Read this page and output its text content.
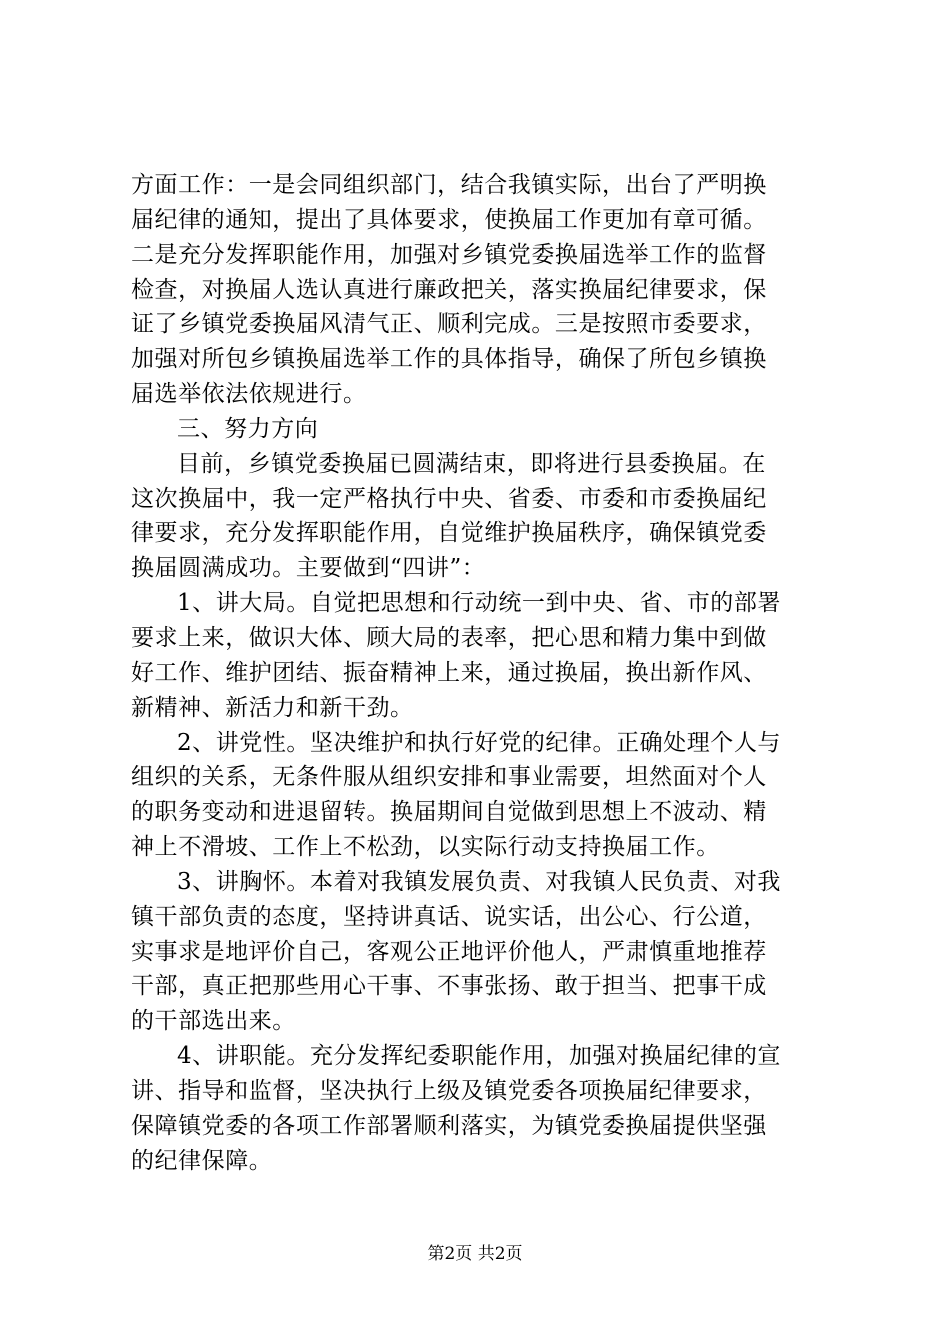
方面工作：一是会同组织部门，结合我镇实际，出台了严明换
届纪律的通知，提出了具体要求，使换届工作更加有章可循。
二是充分发挥职能作用，加强对乡镇党委换届选举工作的监督
检查，对换届人选认真进行廉政把关，落实换届纪律要求，保
证了乡镇党委换届风清气正、顺利完成。三是按照市委要求，
加强对所包乡镇换届选举工作的具体指导，确保了所包乡镇换
届选举依法依规进行。
三、努力方向
目前，乡镇党委换届已圆满结束，即将进行县委换届。在
这次换届中，我一定严格执行中央、省委、市委和市委换届纪
律要求，充分发挥职能作用，自觉维护换届秩序，确保镇党委
换届圆满成功。主要做到“四讲”：
1、讲大局。自觉把思想和行动统一到中央、省、市的部署
要求上来，做识大体、顾大局的表率，把心思和精力集中到做
好工作、维护团结、振奋精神上来，通过换届，换出新作风、
新精神、新活力和新干劲。
2、讲党性。坚决维护和执行好党的纪律。正确处理个人与
组织的关系，无条件服从组织安排和事业需要，坦然面对个人
的职务变动和进退留转。换届期间自觉做到思想上不波动、精
神上不滑坡、工作上不松劲，以实际行动支持换届工作。
3、讲胸怀。本着对我镇发展负责、对我镇人民负责、对我
镇干部负责的态度，坚持讲真话、说实话，出公心、行公道，
实事求是地评价自己，客观公正地评价他人，严肃慎重地推荐
干部，真正把那些用心干事、不事张扬、敢于担当、把事干成
的干部选出来。
4、讲职能。充分发挥纪委职能作用，加强对换届纪律的宣
讲、指导和监督，坚决执行上级及镇党委各项换届纪律要求，
保障镇党委的各项工作部署顺利落实，为镇党委换届提供坚强
的纪律保障。
第2页 共2页
